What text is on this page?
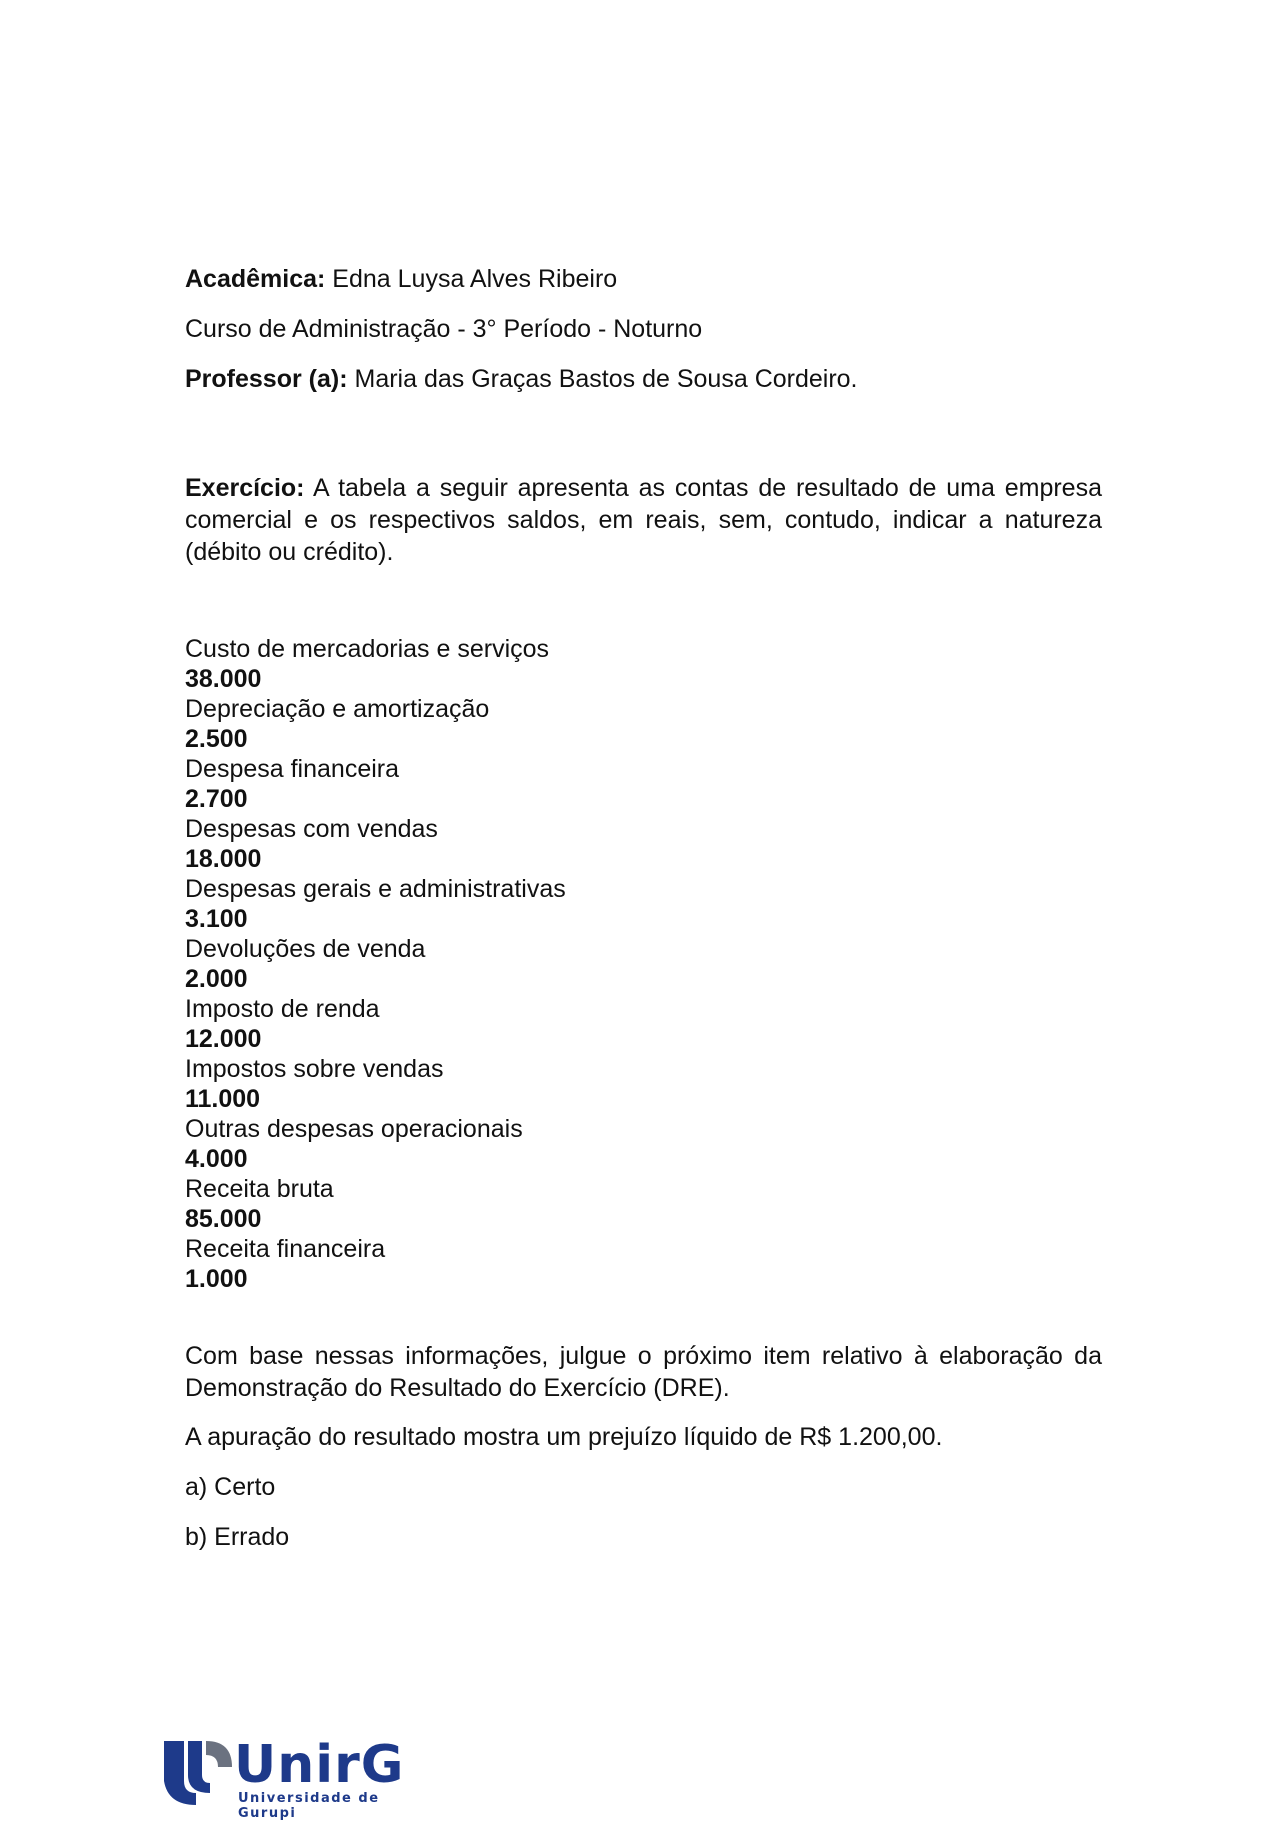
Acadêmica: Edna Luysa Alves Ribeiro

Curso de Administração - 3° Período - Noturno

Professor (a): Maria das Graças Bastos de Sousa Cordeiro.

Exercício: A tabela a seguir apresenta as contas de resultado de uma empresa comercial e os respectivos saldos, em reais, sem, contudo, indicar a natureza (débito ou crédito).

Custo de mercadorias e serviços
38.000
Depreciação e amortização
2.500
Despesa financeira
2.700
Despesas com vendas
18.000
Despesas gerais e administrativas
3.100
Devoluções de venda
2.000
Imposto de renda
12.000
Impostos sobre vendas
11.000
Outras despesas operacionais
4.000
Receita bruta
85.000
Receita financeira
1.000

Com base nessas informações, julgue o próximo item relativo à elaboração da Demonstração do Resultado do Exercício (DRE).

A apuração do resultado mostra um prejuízo líquido de R$ 1.200,00.

a) Certo

b) Errado

UnirG
Universidade de Gurupi
